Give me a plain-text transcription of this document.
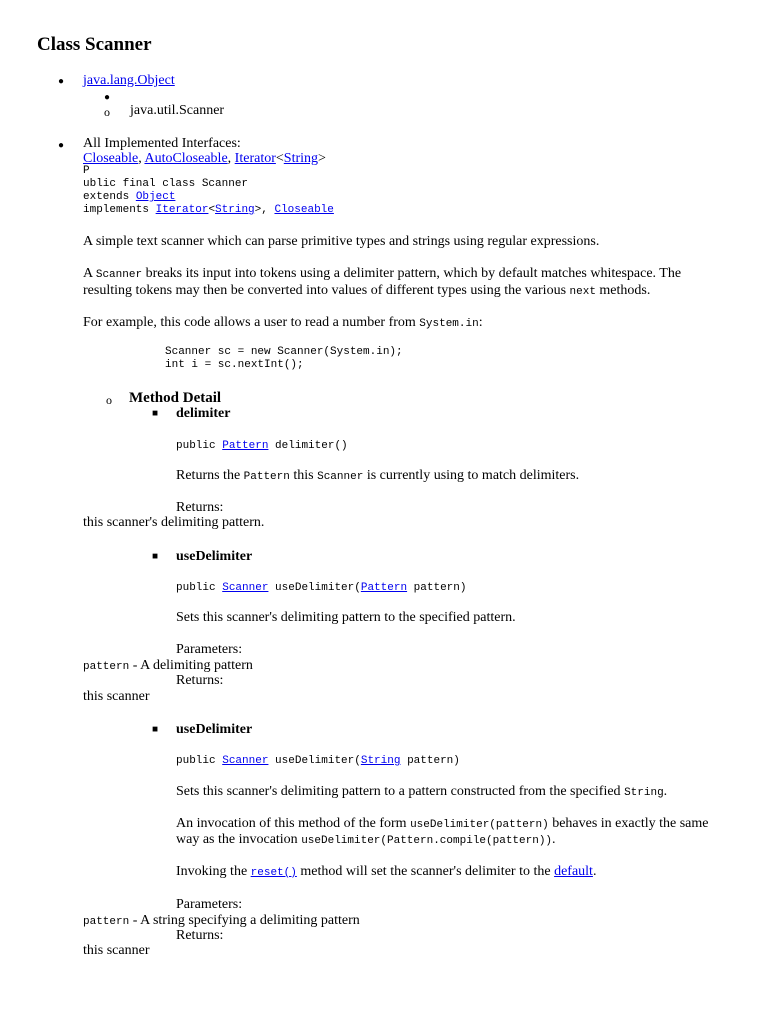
Class Scanner
● java.lang.Object
●
o java.util.Scanner
● All Implemented Interfaces:
Closeable, AutoCloseable, Iterator<String>
P
ublic final class Scanner
extends Object
implements Iterator<String>, Closeable
A simple text scanner which can parse primitive types and strings using regular expressions.
A Scanner breaks its input into tokens using a delimiter pattern, which by default matches whitespace. The
resulting tokens may then be converted into values of different types using the various next methods.
For example, this code allows a user to read a number from System.in:
Scanner sc = new Scanner(System.in);
int i = sc.nextInt();
o Method Detail
■ delimiter
public Pattern delimiter()
Returns the Pattern this Scanner is currently using to match delimiters.
Returns:
this scanner's delimiting pattern.
■ useDelimiter
public Scanner useDelimiter(Pattern pattern)
Sets this scanner's delimiting pattern to the specified pattern.
Parameters:
pattern - A delimiting pattern
Returns:
this scanner
■ useDelimiter
public Scanner useDelimiter(String pattern)
Sets this scanner's delimiting pattern to a pattern constructed from the specified String.
An invocation of this method of the form useDelimiter(pattern) behaves in exactly the same
way as the invocation useDelimiter(Pattern.compile(pattern)).
Invoking the reset() method will set the scanner's delimiter to the default.
Parameters:
pattern - A string specifying a delimiting pattern
Returns:
this scanner
